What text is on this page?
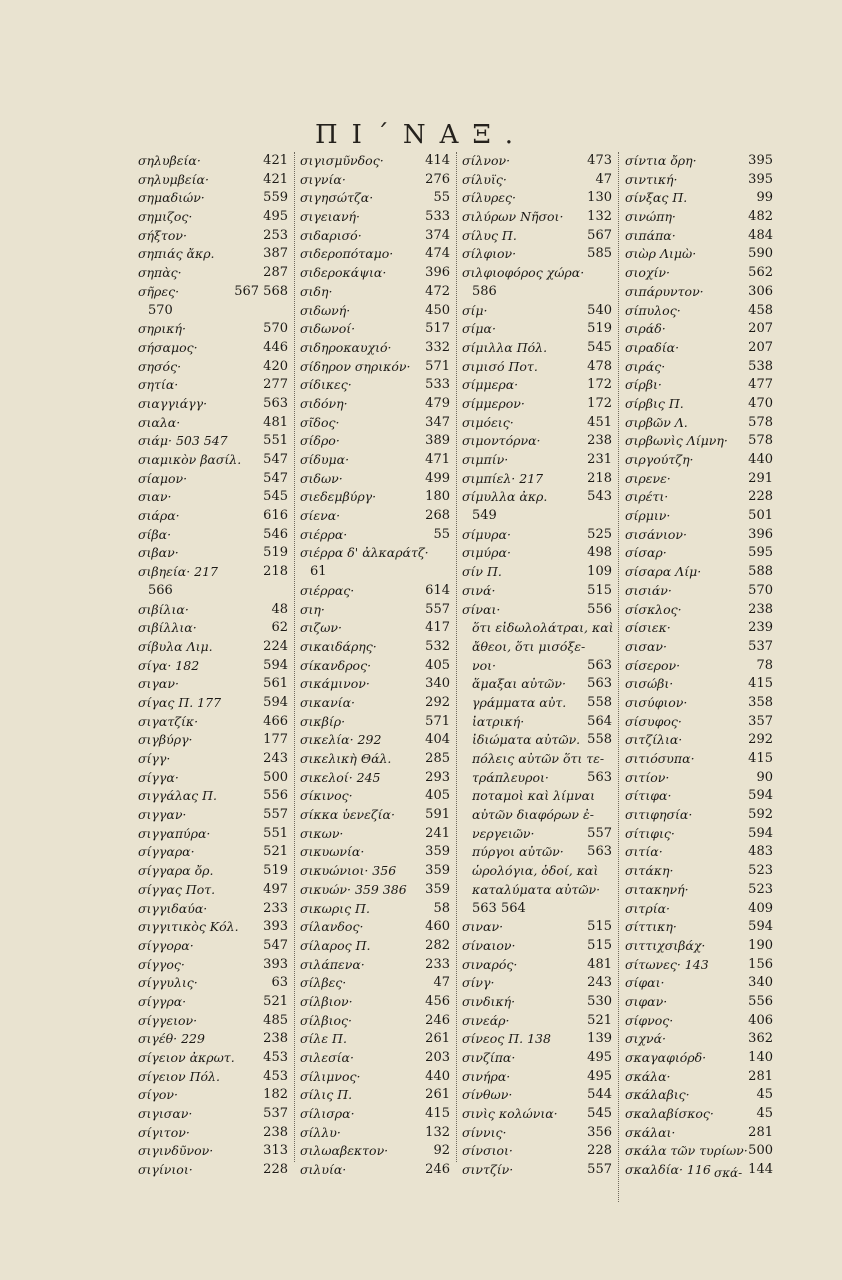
ΠΙ΄ΝΑΞ.
σηλυβεία·	421
σηλυμβεία·	421
σημαδιών·	559
σημιζος·	495
σήξτον·	253
σηπιάς ἄκρ.	387
σηπὰς·	287
σῆρες·	567 568
570
σηρική·	570
σήσαμος·	446
σησός·	420
σητία·	277
σιαγγιάγγ·	563
σιαλα·	481
σιάμ· 503 547	551
σιαμικὸν βασίλ. 547
σίαμον·	547
σιαν·	545
σιάρα·	616
σίβα·	546
σιβαν·	519
σιβηεία· 217	218
566
σιβίλια·	48
σιβίλλια·	62
σίβυλα Λιμ.	224
σίγα· 182	594
σιγαν·	561
σίγας Π. 177	594
σιγατζίκ·	466
σιγβύργ·	177
σίγγ·	243
σίγγα·	500
σιγγάλας Π.	556
σιγγαν·	557
σιγγαπύρα·	551
σίγγαρα·	521
σίγγαρα ὄρ.	519
σίγγας Ποτ.	497
σιγγιδαύα·	233
σιγγιτικὸς Κόλ. 393
σίγγορα·	547
σίγγος·	393
σίγγυλις·	63
σίγγρα·	521
σίγγειον·	485
σιγέθ· 229	238
σίγειον ἀκρωτ. 453
σίγειον Πόλ.	453
σίγον·	182
σιγισαν·	537
σίγιτον·	238
σιγινδῦνον·	313
σιγίνιοι·	228
σιγισμῦνδος·	414
σιγνία·	276
σιγησώτζα·	55
σιγειανή·	533
σιδαρισό·	374
σιδεροπόταμο· 474
σιδεροκάψια·	396
σιδη·	472
σιδωνή·	450
σιδωνοί·	517
σιδηροκαυχιό·	332
σίδηρον σηρικόν· 571
σίδικες·	533
σιδόνη·	479
σῖδος·	347
σίδρο·	389
σίδυμα·	471
σιδων·	499
σιεδεμβύργ·	180
σίενα·	268
σιέρρα·	55
σιέρρα δ' ἀλκαράτζ·
61
σιέρρας·	614
σιη·	557
σιζων·	417
σικαιδάρης·	532
σίκανδρος·	405
σικάμινον·	340
σικανία·	292
σικβίρ·	571
σικελία· 292	404
σικελικὴ Θάλ.	285
σικελοί· 245	293
σίκινος·	405
σίκκα ὑενεζία· 591
σικων·	241
σικυωνία·	359
σικυώνιοι· 356 359
σικυών· 359 386 359
σικωρις Π.	58
σίλανδος·	460
σίλαρος Π.	282
σιλάπενα·	233
σίλβες·	47
σίλβιον·	456
σίλβιος·	246
σίλε Π.	261
σιλεσία·	203
σίλιμνος·	440
σίλις Π.	261
σίλισρα·	415
σίλλυ·	132
σιλωαβεκτον·	92
σιλυία·	246
σίλνον·	473
σίλυϊς·	47
σίλυρες·	130
σιλύρων Νῆσοι· 132
σίλυς Π.	567
σίλφιον·	585
σιλφιοφόρος χώρα·
586
σίμ·	540
σίμα·	519
σίμιλλα Πόλ.	545
σιμισό Ποτ.	478
σίμμερα·	172
σίμμερον·	172
σιμόεις·	451
σιμοντόρνα·	238
σιμπίν·	231
σιμπίελ· 217	218
σίμυλλα ἀκρ.	543
549
σίμυρα·	525
σιμύρα·	498
σίν Π.	109
σινά·	515
σίναι·	556
ὅτι εἰδωλολάτραι, καὶ
ἄθεοι, ὅτι μισόξε-
νοι·	563
ἅμαξαι αὐτῶν· 563
γράμματα αὐτ. 558
ἰατρική·	564
ἰδιώματα αὐτῶν. 558
πόλεις αὐτῶν ὅτι τε-
τράπλευροι·	563
ποταμοὶ καὶ λίμναι
αὐτῶν διαφόρων ἐ-
νεργειῶν·	557
πύργοι αὐτῶν· 563
ὡρολόγια, ὁδοί, καὶ
καταλύματα αὐτῶν·
563 564
σιναν·	515
σίναιον·	515
σιναρός·	481
σίνγ·	243
σινδική·	530
σινεάρ·	521
σίνεος Π. 138	139
σινζίπα·	495
σινήρα·	495
σίνθων·	544
σινὶς κολώνια· 545
σίννις·	356
σίνσιοι·	228
σιντζίν·	557
σίντια ὄρη·	395
σιντική·	395
σίνξας Π.	99
σινώπη·	482
σιπάπα·	484
σιὼρ Λιμὼ·	590
σιοχίν·	562
σιπάρυντον·	306
σίπυλος·	458
σιράδ·	207
σιραδία·	207
σιράς·	538
σίρβι·	477
σίρβις Π.	470
σιρβῶν Λ.	578
σιρβωνὶς Λίμνη· 578
σιργούτζη·	440
σιρενε·	291
σιρέτι·	228
σίρμιν·	501
σισάνιον·	396
σίσαρ·	595
σίσαρα Λίμ·	588
σισιάν·	570
σίσκλος·	238
σίσιεκ·	239
σισαν·	537
σίσερον·	78
σισώβι·	415
σισύφιον·	358
σίσυφος·	357
σιτζίλια·	292
σιτιόσυπα·	415
σιτίον·	90
σίτιφα·	594
σιτιφησία·	592
σίτιφις·	594
σιτία·	483
σιτάκη·	523
σιτακηνή·	523
σιτρία·	409
σίττικη·	594
σιττιχσιβάχ·	190
σίτωνες· 143	156
σίφαι·	340
σιφαν·	556
σίφνος·	406
σιχνά·	362
σκαγαφιόρδ·	140
σκάλα·	281
σκάλαβις·	45
σκαλαβίσκος·	45
σκάλαι·	281
σκάλα τῶν τυρίων· 500
σκαλδία· 116	144
σκά-
